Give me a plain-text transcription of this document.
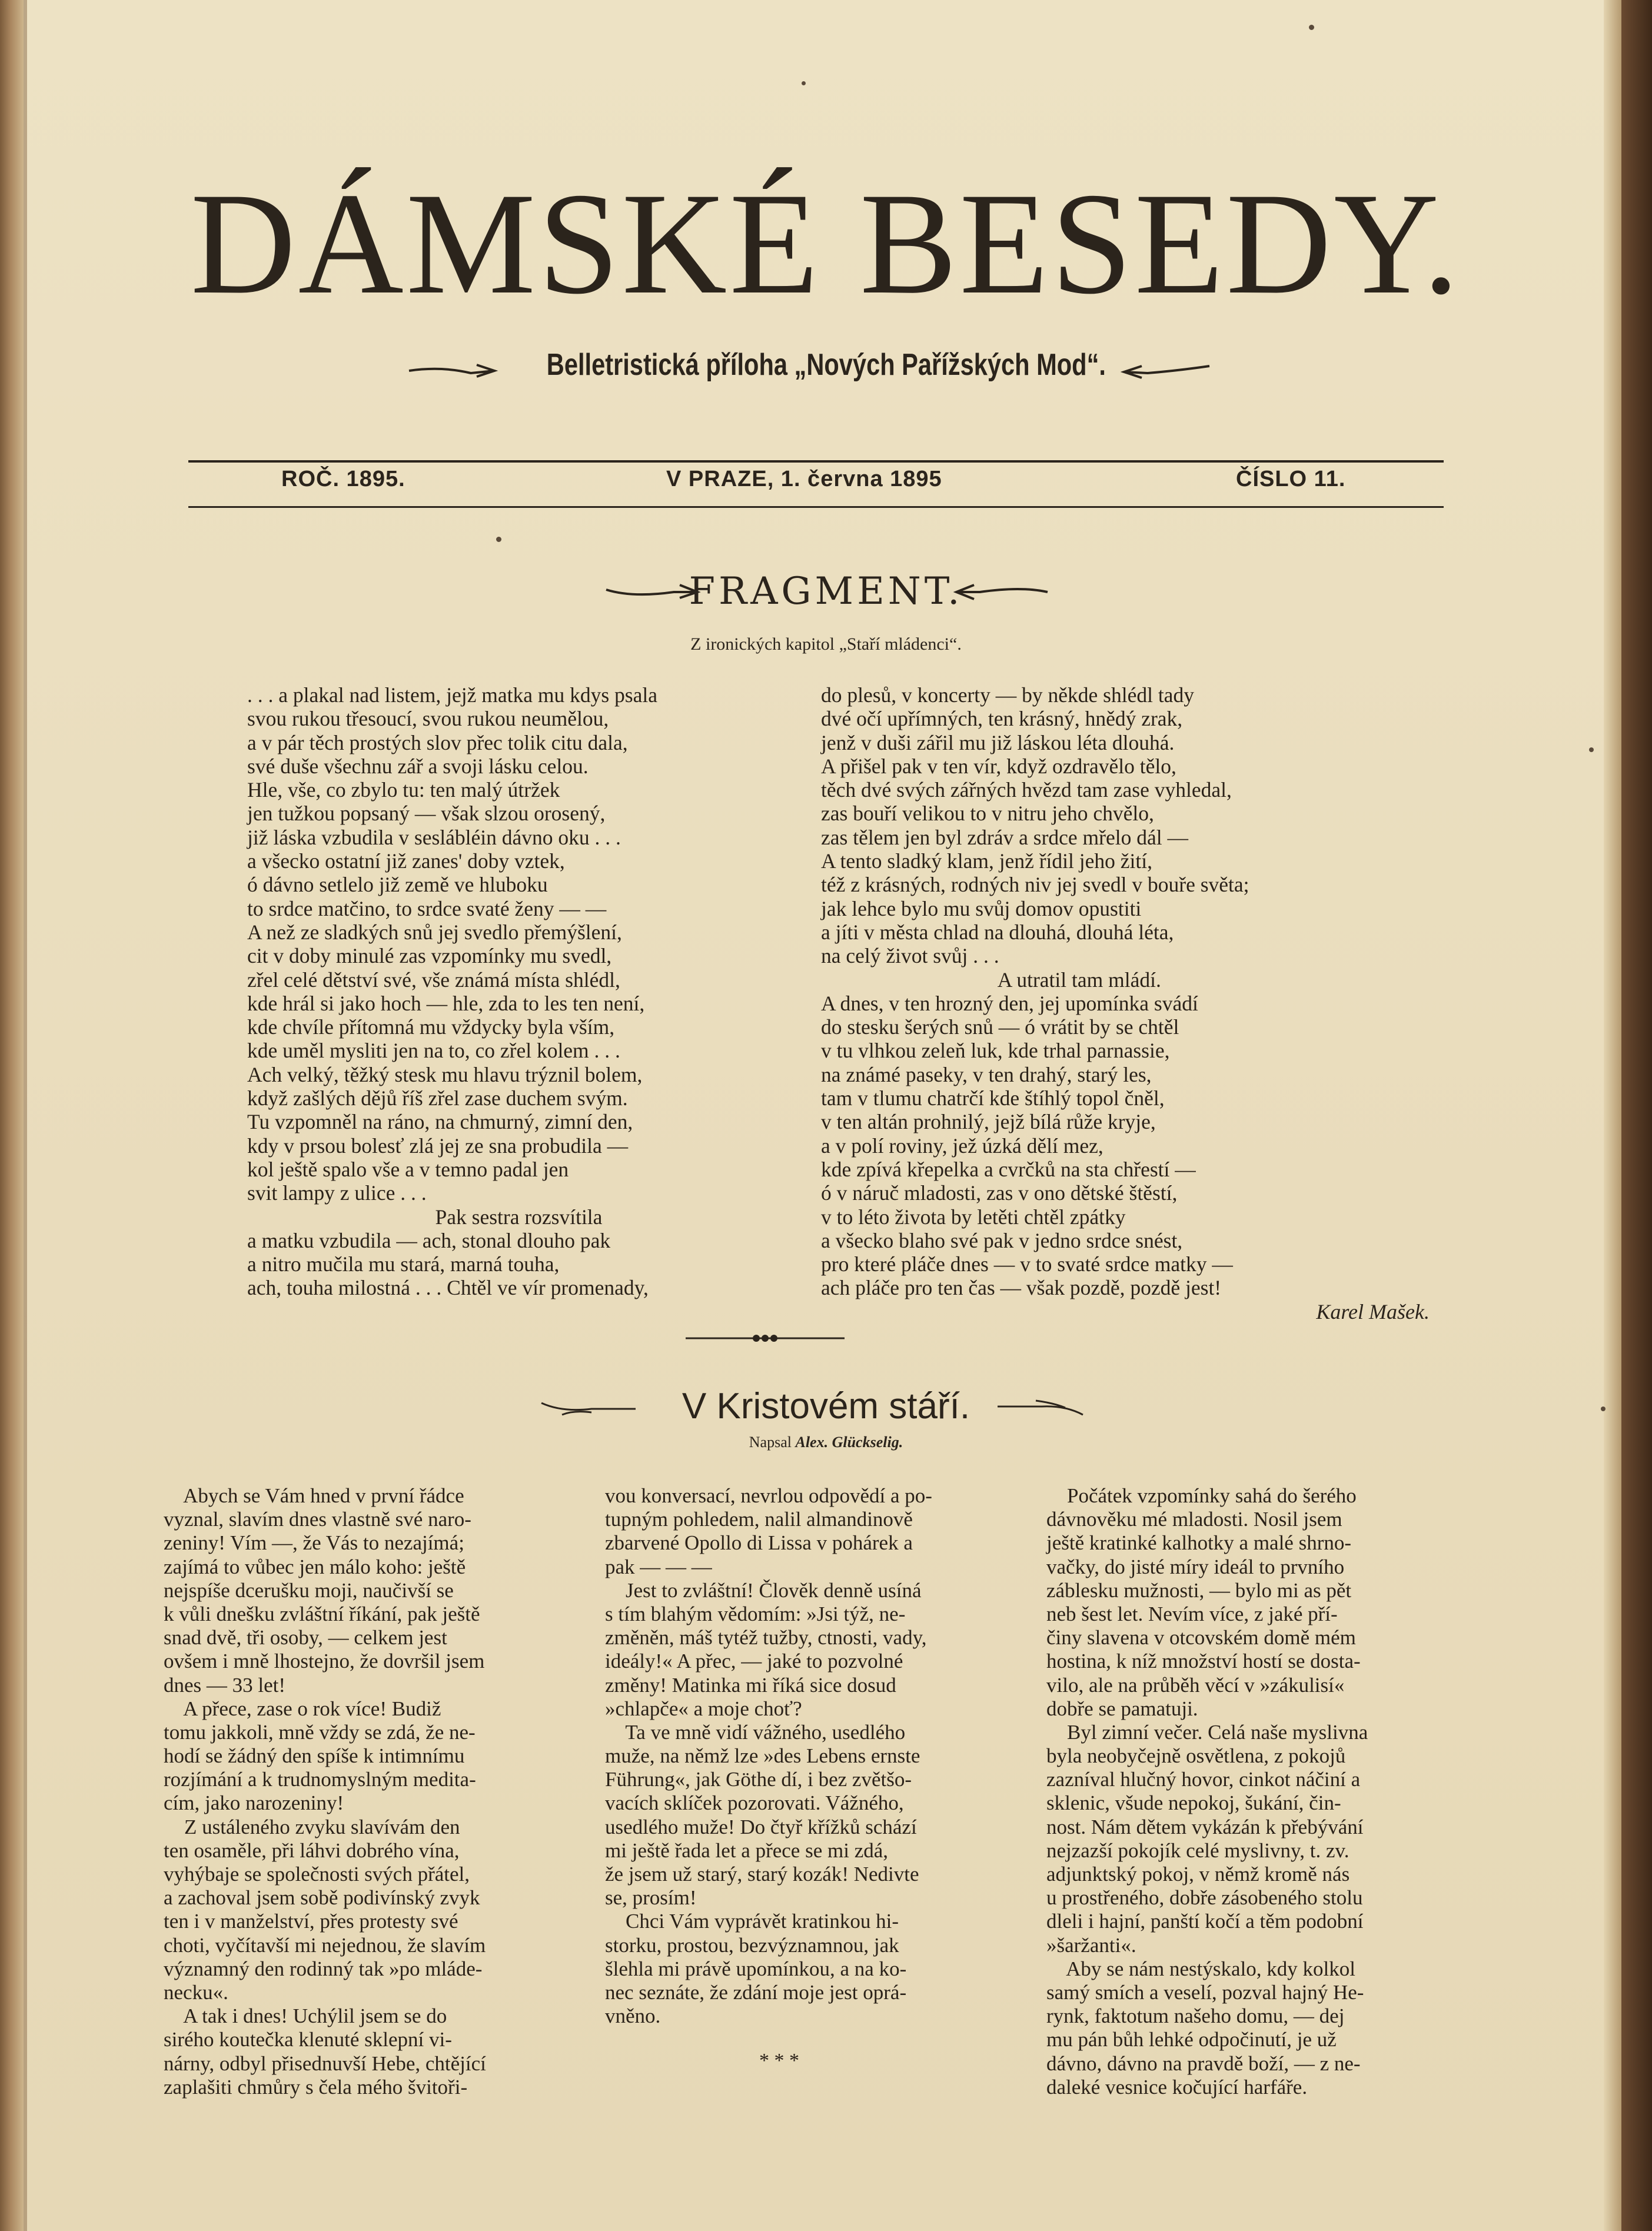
DÁMSKÉ BESEDY.
Belletristická příloha „Nových Pařížských Mod“.
ROČ. 1895.	V PRAZE, 1. června 1895	ČÍSLO 11.
FRAGMENT.
Z ironických kapitol „Staří mládenci“.
. . . a plakal nad listem, jejž matka mu kdys psala
svou rukou třesoucí, svou rukou neumělou,
a v pár těch prostých slov přec tolik citu dala,
své duše všechnu zář a svoji lásku celou.
Hle, vše, co zbylo tu: ten malý útržek
jen tužkou popsaný — však slzou orosený,
již láska vzbudila v seslábléin dávno oku . . .
a všecko ostatní již zanes' doby vztek,
ó dávno setlelo již země ve hluboku
to srdce matčino, to srdce svaté ženy — —
A než ze sladkých snů jej svedlo přemýšlení,
cit v doby minulé zas vzpomínky mu svedl,
zřel celé dětství své, vše známá místa shlédl,
kde hrál si jako hoch — hle, zda to les ten není,
kde chvíle přítomná mu vždycky byla vším,
kde uměl mysliti jen na to, co zřel kolem . . .
Ach velký, těžký stesk mu hlavu trýznil bolem,
když zašlých dějů říš zřel zase duchem svým.
Tu vzpomněl na ráno, na chmurný, zimní den,
kdy v prsou bolesť zlá jej ze sna probudila —
kol ještě spalo vše a v temno padal jen
svit lampy z ulice . . .
Pak sestra rozsvítila
a matku vzbudila — ach, stonal dlouho pak
a nitro mučila mu stará, marná touha,
ach, touha milostná . . . Chtěl ve vír promenady,
do plesů, v koncerty — by někde shlédl tady
dvé očí upřímných, ten krásný, hnědý zrak,
jenž v duši zářil mu již láskou léta dlouhá.
A přišel pak v ten vír, když ozdravělo tělo,
těch dvé svých zářných hvězd tam zase vyhledal,
zas bouří velikou to v nitru jeho chvělo,
zas tělem jen byl zdráv a srdce mřelo dál —
A tento sladký klam, jenž řídil jeho žití,
též z krásných, rodných niv jej svedl v bouře světa;
jak lehce bylo mu svůj domov opustiti
a jíti v města chlad na dlouhá, dlouhá léta,
na celý život svůj . . .
A utratil tam mládí.
A dnes, v ten hrozný den, jej upomínka svádí
do stesku šerých snů — ó vrátit by se chtěl
v tu vlhkou zeleň luk, kde trhal parnassie,
na známé paseky, v ten drahý, starý les,
tam v tlumu chatrčí kde štíhlý topol čněl,
v ten altán prohnilý, jejž bílá růže kryje,
a v polí roviny, jež úzká dělí mez,
kde zpívá křepelka a cvrčků na sta chřestí —
ó v náruč mladosti, zas v ono dětské štěstí,
v to léto života by letěti chtěl zpátky
a všecko blaho své pak v jedno srdce snést,
pro které pláče dnes — v to svaté srdce matky —
ach pláče pro ten čas — však pozdě, pozdě jest!
Karel Mašek.
V Kristovém stáří.
Napsal Alex. Glückselig.
Abych se Vám hned v první řádce
vyznal, slavím dnes vlastně své naro-
zeniny! Vím —, že Vás to nezajímá;
zajímá to vůbec jen málo koho: ještě
nejspíše dcerušku moji, naučivší se
k vůli dnešku zvláštní říkání, pak ještě
snad dvě, tři osoby, — celkem jest
ovšem i mně lhostejno, že dovršil jsem
dnes — 33 let!
A přece, zase o rok více! Budiž
tomu jakkoli, mně vždy se zdá, že ne-
hodí se žádný den spíše k intimnímu
rozjímání a k trudnomyslným medita-
cím, jako narozeniny!
Z ustáleného zvyku slavívám den
ten osaměle, při láhvi dobrého vína,
vyhýbaje se společnosti svých přátel,
a zachoval jsem sobě podivínský zvyk
ten i v manželství, přes protesty své
choti, vyčítavší mi nejednou, že slavím
významný den rodinný tak »po mláde-
necku«.
A tak i dnes! Uchýlil jsem se do
sirého koutečka klenuté sklepní vi-
nárny, odbyl přisednuvší Hebe, chtějící
zaplašiti chmůry s čela mého švitoři-
vou konversací, nevrlou odpovědí a po-
tupným pohledem, nalil almandinově
zbarvené Opollo di Lissa v pohárek a
pak — — —
Jest to zvláštní! Člověk denně usíná
s tím blahým vědomím: »Jsi týž, ne-
změněn, máš tytéž tužby, ctnosti, vady,
ideály!« A přec, — jaké to pozvolné
změny! Matinka mi říká sice dosud
»chlapče« a moje choť?
Ta ve mně vidí vážného, usedlého
muže, na němž lze »des Lebens ernste
Führung«, jak Göthe dí, i bez zvětšo-
vacích sklíček pozorovati. Vážného,
usedlého muže! Do čtyř křížků schází
mi ještě řada let a přece se mi zdá,
že jsem už starý, starý kozák! Nedivte
se, prosím!
Chci Vám vyprávět kratinkou hi-
storku, prostou, bezvýznamnou, jak
šlehla mi právě upomínkou, a na ko-
nec seznáte, že zdání moje jest oprá-
vněno.
Počátek vzpomínky sahá do šerého
dávnověku mé mladosti. Nosil jsem
ještě kratinké kalhotky a malé shrno-
vačky, do jisté míry ideál to prvního
záblesku mužnosti, — bylo mi as pět
neb šest let. Nevím více, z jaké pří-
činy slavena v otcovském domě mém
hostina, k níž množství hostí se dosta-
vilo, ale na průběh věcí v »zákulisí«
dobře se pamatuji.
Byl zimní večer. Celá naše myslivna
byla neobyčejně osvětlena, z pokojů
zazníval hlučný hovor, cinkot náčiní a
sklenic, všude nepokoj, šukání, čin-
nost. Nám dětem vykázán k přebývání
nejzazší pokojík celé myslivny, t. zv.
adjunktský pokoj, v němž kromě nás
u prostřeného, dobře zásobeného stolu
dleli i hajní, panští kočí a těm podobní
»šaržanti«.
Aby se nám nestýskalo, kdy kolkol
samý smích a veselí, pozval hajný He-
rynk, faktotum našeho domu, — dej
mu pán bůh lehké odpočinutí, je už
dávno, dávno na pravdě boží, — z ne-
daleké vesnice kočující harfáře.
* * *
